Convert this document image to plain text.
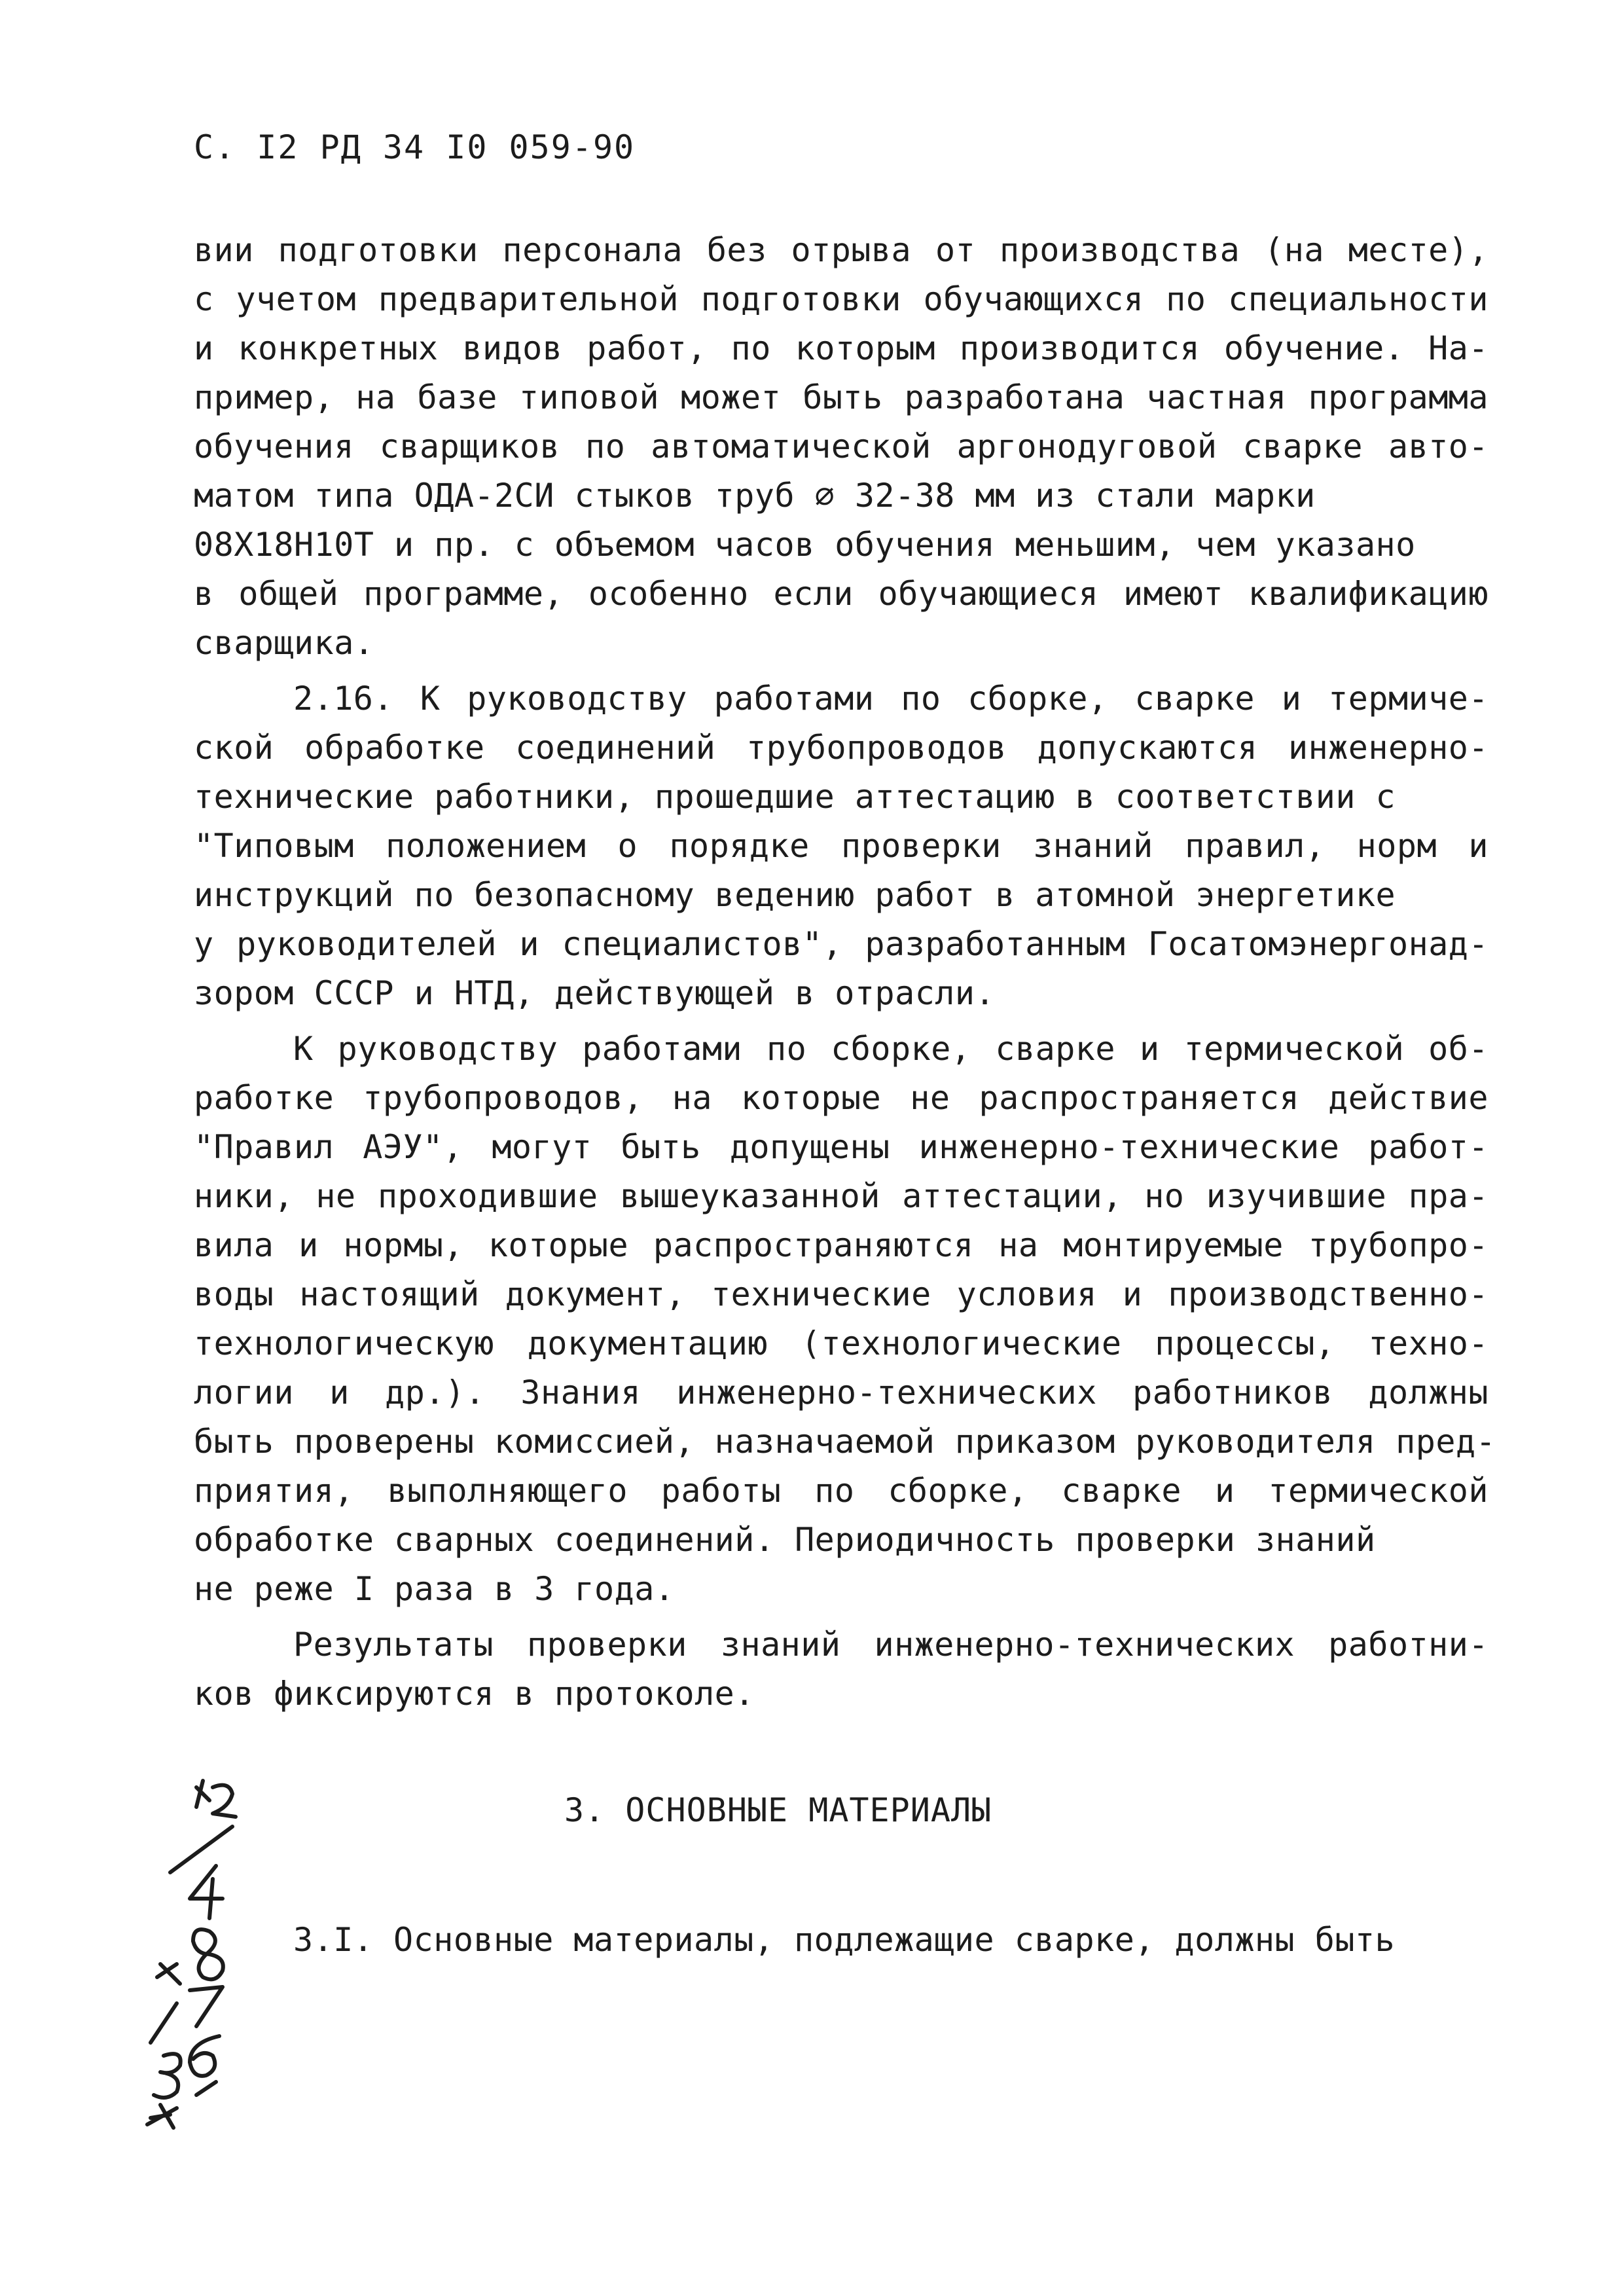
С. I2 РД 34 I0 059-90
вии подготовки персонала без отрыва от производства (на месте),
с учетом предварительной подготовки обучающихся по специальности
и конкретных видов работ, по которым производится обучение. На-
пример, на базе типовой может быть разработана частная программа
обучения сварщиков по автоматической аргонодуговой сварке авто-
матом типа ОДА-2СИ стыков труб ∅ 32-38 мм из стали марки
08Х18Н10Т и пр. с объемом часов обучения меньшим, чем указано
в общей программе, особенно если обучающиеся имеют квалификацию
сварщика.
2.16. К руководству работами по сборке, сварке и термиче-
ской обработке соединений трубопроводов допускаются инженерно-
технические работники, прошедшие аттестацию в соответствии с
"Типовым положением о порядке проверки знаний правил, норм и
инструкций по безопасному ведению работ в атомной энергетике
у руководителей и специалистов", разработанным Госатомэнергонад-
зором СССР и НТД, действующей в отрасли.
К руководству работами по сборке, сварке и термической об-
работке трубопроводов, на которые не распространяется действие
"Правил АЭУ", могут быть допущены инженерно-технические работ-
ники, не проходившие вышеуказанной аттестации, но изучившие пра-
вила и нормы, которые распространяются на монтируемые трубопро-
воды настоящий документ, технические условия и производственно-
технологическую документацию (технологические процессы, техно-
логии и др.). Знания инженерно-технических работников должны
быть проверены комиссией, назначаемой приказом руководителя пред-
приятия, выполняющего работы по сборке, сварке и термической
обработке сварных соединений. Периодичность проверки знаний
не реже I раза в 3 года.
Результаты проверки знаний инженерно-технических работни-
ков фиксируются в протоколе.
3. ОСНОВНЫЕ МАТЕРИАЛЫ
3.I. Основные материалы, подлежащие сварке, должны быть
